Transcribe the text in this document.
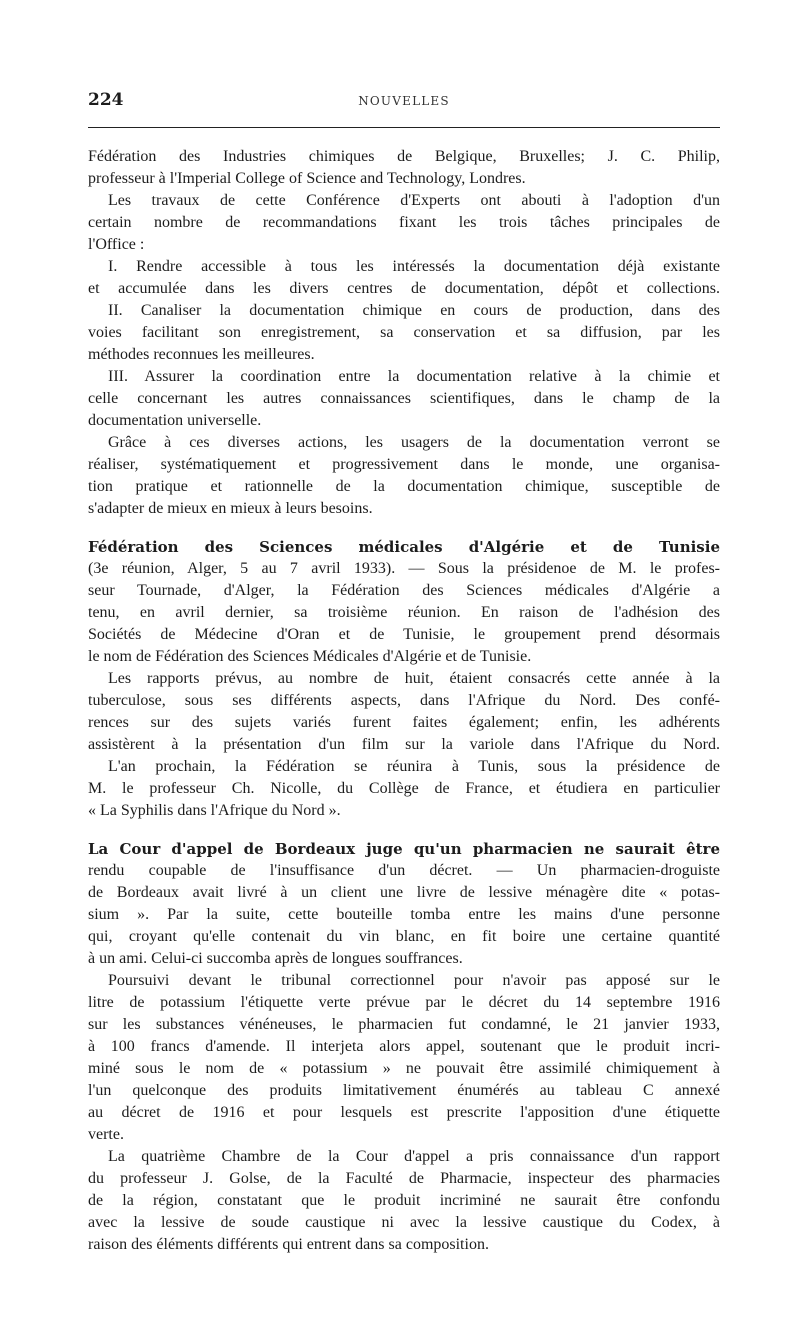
224	NOUVELLES
Fédération des Industries chimiques de Belgique, Bruxelles; J. C. Philip,
professeur à l'Imperial College of Science and Technology, Londres.
Les travaux de cette Conférence d'Experts ont abouti à l'adoption d'un
certain nombre de recommandations fixant les trois tâches principales de
l'Office :
I. Rendre accessible à tous les intéressés la documentation déjà existante
et accumulée dans les divers centres de documentation, dépôt et collections.
II. Canaliser la documentation chimique en cours de production, dans des
voies facilitant son enregistrement, sa conservation et sa diffusion, par les
méthodes reconnues les meilleures.
III. Assurer la coordination entre la documentation relative à la chimie et
celle concernant les autres connaissances scientifiques, dans le champ de la
documentation universelle.
Grâce à ces diverses actions, les usagers de la documentation verront se
réaliser, systématiquement et progressivement dans le monde, une organisa-
tion pratique et rationnelle de la documentation chimique, susceptible de
s'adapter de mieux en mieux à leurs besoins.
Fédération des Sciences médicales d'Algérie et de Tunisie
(3e réunion, Alger, 5 au 7 avril 1933). — Sous la présidenoe de M. le profes-
seur Tournade, d'Alger, la Fédération des Sciences médicales d'Algérie a
tenu, en avril dernier, sa troisième réunion. En raison de l'adhésion des
Sociétés de Médecine d'Oran et de Tunisie, le groupement prend désormais
le nom de Fédération des Sciences Médicales d'Algérie et de Tunisie.
Les rapports prévus, au nombre de huit, étaient consacrés cette année à la
tuberculose, sous ses différents aspects, dans l'Afrique du Nord. Des confé-
rences sur des sujets variés furent faites également; enfin, les adhérents
assistèrent à la présentation d'un film sur la variole dans l'Afrique du Nord.
L'an prochain, la Fédération se réunira à Tunis, sous la présidence de
M. le professeur Ch. Nicolle, du Collège de France, et étudiera en particulier
« La Syphilis dans l'Afrique du Nord ».
La Cour d'appel de Bordeaux juge qu'un pharmacien ne saurait être
rendu coupable de l'insuffisance d'un décret. — Un pharmacien-droguiste
de Bordeaux avait livré à un client une livre de lessive ménagère dite « potas-
sium ». Par la suite, cette bouteille tomba entre les mains d'une personne
qui, croyant qu'elle contenait du vin blanc, en fit boire une certaine quantité
à un ami. Celui-ci succomba après de longues souffrances.
Poursuivi devant le tribunal correctionnel pour n'avoir pas apposé sur le
litre de potassium l'étiquette verte prévue par le décret du 14 septembre 1916
sur les substances vénéneuses, le pharmacien fut condamné, le 21 janvier 1933,
à 100 francs d'amende. Il interjeta alors appel, soutenant que le produit incri-
miné sous le nom de « potassium » ne pouvait être assimilé chimiquement à
l'un quelconque des produits limitativement énumérés au tableau C annexé
au décret de 1916 et pour lesquels est prescrite l'apposition d'une étiquette
verte.
La quatrième Chambre de la Cour d'appel a pris connaissance d'un rapport
du professeur J. Golse, de la Faculté de Pharmacie, inspecteur des pharmacies
de la région, constatant que le produit incriminé ne saurait être confondu
avec la lessive de soude caustique ni avec la lessive caustique du Codex, à
raison des éléments différents qui entrent dans sa composition.
